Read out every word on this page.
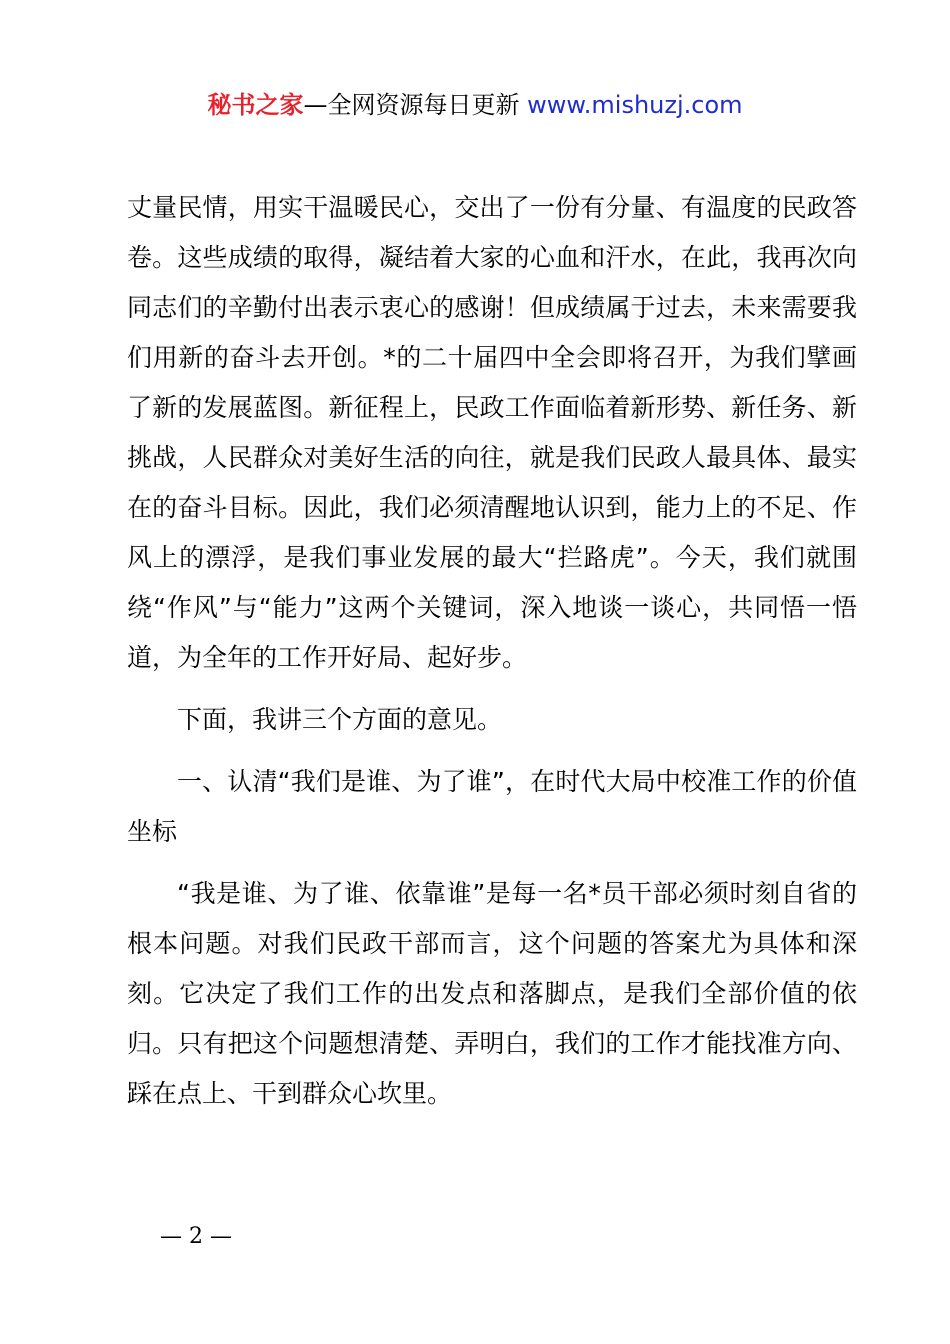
秘书之家—全网资源每日更新 www.mishuzj.com

丈量民情，用实干温暖民心，交出了一份有分量、有温度的民政答卷。这些成绩的取得，凝结着大家的心血和汗水，在此，我再次向同志们的辛勤付出表示衷心的感谢！但成绩属于过去，未来需要我们用新的奋斗去开创。*的二十届四中全会即将召开，为我们擘画了新的发展蓝图。新征程上，民政工作面临着新形势、新任务、新挑战，人民群众对美好生活的向往，就是我们民政人最具体、最实在的奋斗目标。因此，我们必须清醒地认识到，能力上的不足、作风上的漂浮，是我们事业发展的最大“拦路虎”。今天，我们就围绕“作风”与“能力”这两个关键词，深入地谈一谈心，共同悟一悟道，为全年的工作开好局、起好步。

下面，我讲三个方面的意见。

一、认清“我们是谁、为了谁”，在时代大局中校准工作的价值坐标

“我是谁、为了谁、依靠谁”是每一名*员干部必须时刻自省的根本问题。对我们民政干部而言，这个问题的答案尤为具体和深刻。它决定了我们工作的出发点和落脚点，是我们全部价值的依归。只有把这个问题想清楚、弄明白，我们的工作才能找准方向、踩在点上、干到群众心坎里。

— 2 —
